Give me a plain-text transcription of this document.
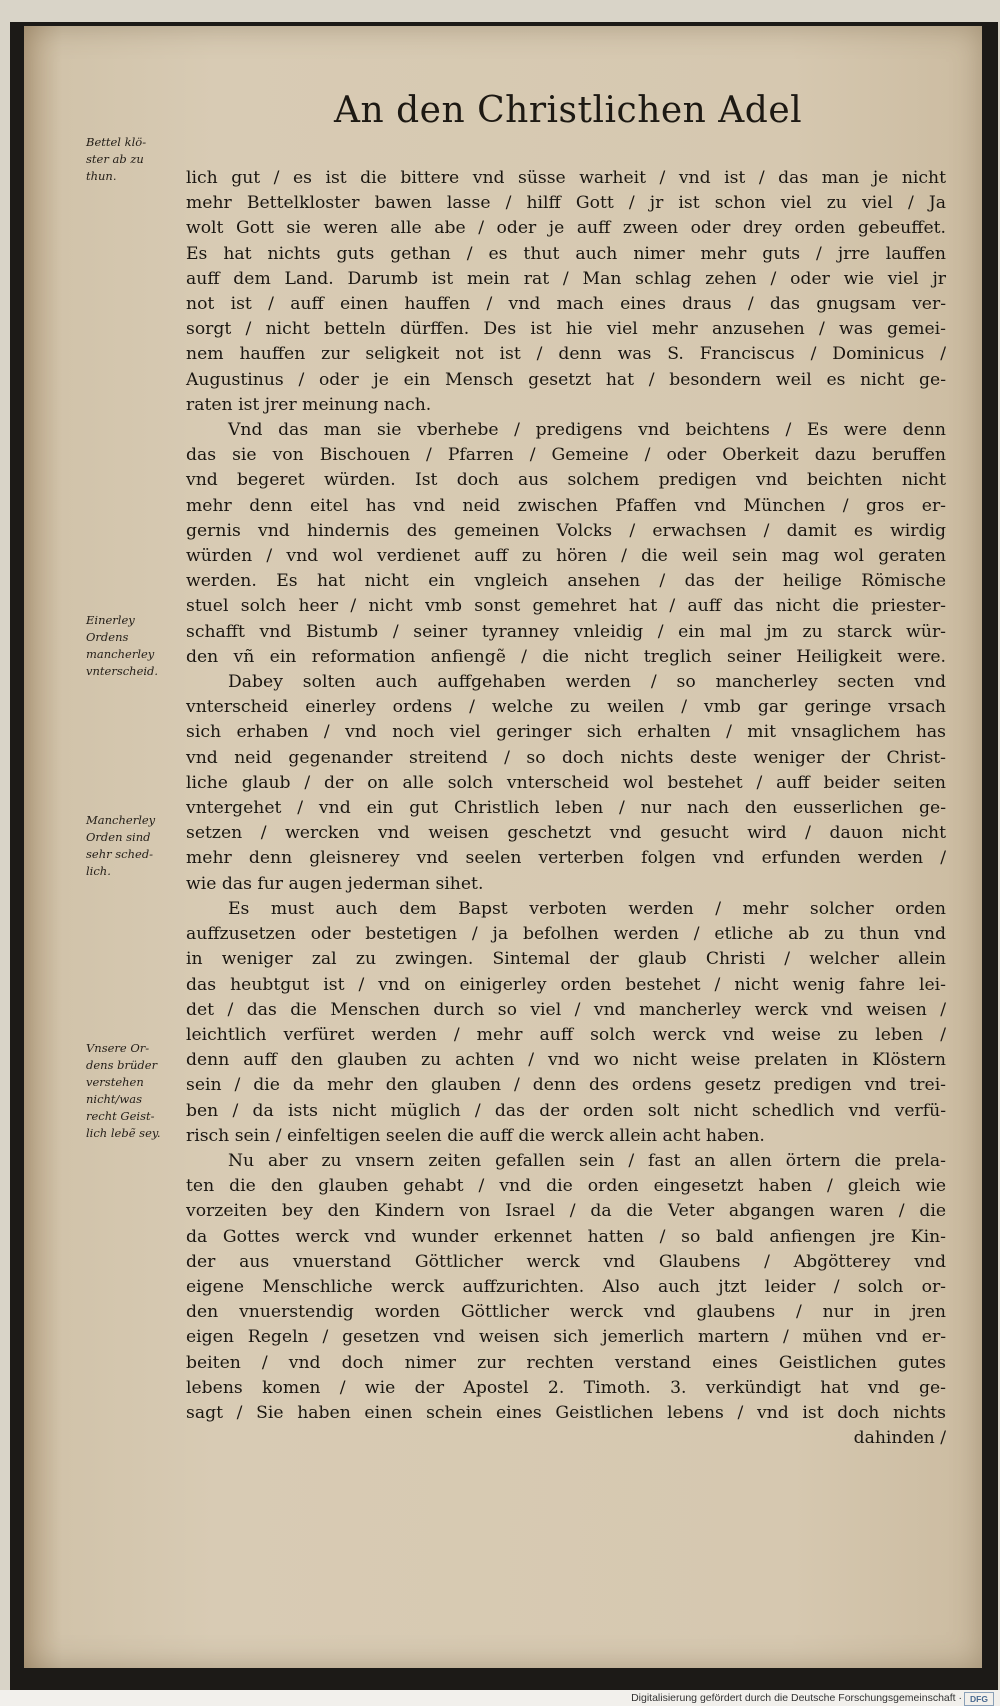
An den Christlichen Adel
Bettel klö-
ster ab zu
thun.
Einerley
Ordens
mancherley
vnterscheid.
Mancherley
Orden sind
sehr sched-
lich.
Vnsere Or-
dens brüder
verstehen
nicht/was
recht Geist-
lich lebẽ sey.
lich gut / es ist die bittere vnd süsse warheit / vnd ist / das man je nicht
mehr Bettelkloster bawen lasse / hilff Gott / jr ist schon viel zu viel / Ja
wolt Gott sie weren alle abe / oder je auff zween oder drey orden gebeuffet.
Es hat nichts guts gethan / es thut auch nimer mehr guts / jrre lauffen
auff dem Land. Darumb ist mein rat / Man schlag zehen / oder wie viel jr
not ist / auff einen hauffen / vnd mach eines draus / das gnugsam ver-
sorgt / nicht betteln dürffen. Des ist hie viel mehr anzusehen / was gemei-
nem hauffen zur seligkeit not ist / denn was S. Franciscus / Dominicus /
Augustinus / oder je ein Mensch gesetzt hat / besondern weil es nicht ge-
raten ist jrer meinung nach.
Vnd das man sie vberhebe / predigens vnd beichtens / Es were denn
das sie von Bischouen / Pfarren / Gemeine / oder Oberkeit dazu beruffen
vnd begeret würden. Ist doch aus solchem predigen vnd beichten nicht
mehr denn eitel has vnd neid zwischen Pfaffen vnd München / gros er-
gernis vnd hindernis des gemeinen Volcks / erwachsen / damit es wirdig
würden / vnd wol verdienet auff zu hören / die weil sein mag wol geraten
werden. Es hat nicht ein vngleich ansehen / das der heilige Römische
stuel solch heer / nicht vmb sonst gemehret hat / auff das nicht die priester-
schafft vnd Bistumb / seiner tyranney vnleidig / ein mal jm zu starck wür-
den vñ ein reformation anfiengẽ / die nicht treglich seiner Heiligkeit were.
Dabey solten auch auffgehaben werden / so mancherley secten vnd
vnterscheid einerley ordens / welche zu weilen / vmb gar geringe vrsach
sich erhaben / vnd noch viel geringer sich erhalten / mit vnsaglichem has
vnd neid gegenander streitend / so doch nichts deste weniger der Christ-
liche glaub / der on alle solch vnterscheid wol bestehet / auff beider seiten
vntergehet / vnd ein gut Christlich leben / nur nach den eusserlichen ge-
setzen / wercken vnd weisen geschetzt vnd gesucht wird / dauon nicht
mehr denn gleisnerey vnd seelen verterben folgen vnd erfunden werden /
wie das fur augen jederman sihet.
Es must auch dem Bapst verboten werden / mehr solcher orden
auffzusetzen oder bestetigen / ja befolhen werden / etliche ab zu thun vnd
in weniger zal zu zwingen. Sintemal der glaub Christi / welcher allein
das heubtgut ist / vnd on einigerley orden bestehet / nicht wenig fahre lei-
det / das die Menschen durch so viel / vnd mancherley werck vnd weisen /
leichtlich verfüret werden / mehr auff solch werck vnd weise zu leben /
denn auff den glauben zu achten / vnd wo nicht weise prelaten in Klöstern
sein / die da mehr den glauben / denn des ordens gesetz predigen vnd trei-
ben / da ists nicht müglich / das der orden solt nicht schedlich vnd verfü-
risch sein / einfeltigen seelen die auff die werck allein acht haben.
Nu aber zu vnsern zeiten gefallen sein / fast an allen örtern die prela-
ten die den glauben gehabt / vnd die orden eingesetzt haben / gleich wie
vorzeiten bey den Kindern von Israel / da die Veter abgangen waren / die
da Gottes werck vnd wunder erkennet hatten / so bald anfiengen jre Kin-
der aus vnuerstand Göttlicher werck vnd Glaubens / Abgötterey vnd
eigene Menschliche werck auffzurichten. Also auch jtzt leider / solch or-
den vnuerstendig worden Göttlicher werck vnd glaubens / nur in jren
eigen Regeln / gesetzen vnd weisen sich jemerlich martern / mühen vnd er-
beiten / vnd doch nimer zur rechten verstand eines Geistlichen gutes
lebens komen / wie der Apostel 2. Timoth. 3. verkündigt hat vnd ge-
sagt / Sie haben einen schein eines Geistlichen lebens / vnd ist doch nichts
dahinden /
Digitalisierung gefördert durch die Deutsche Forschungsgemeinschaft · DFG
